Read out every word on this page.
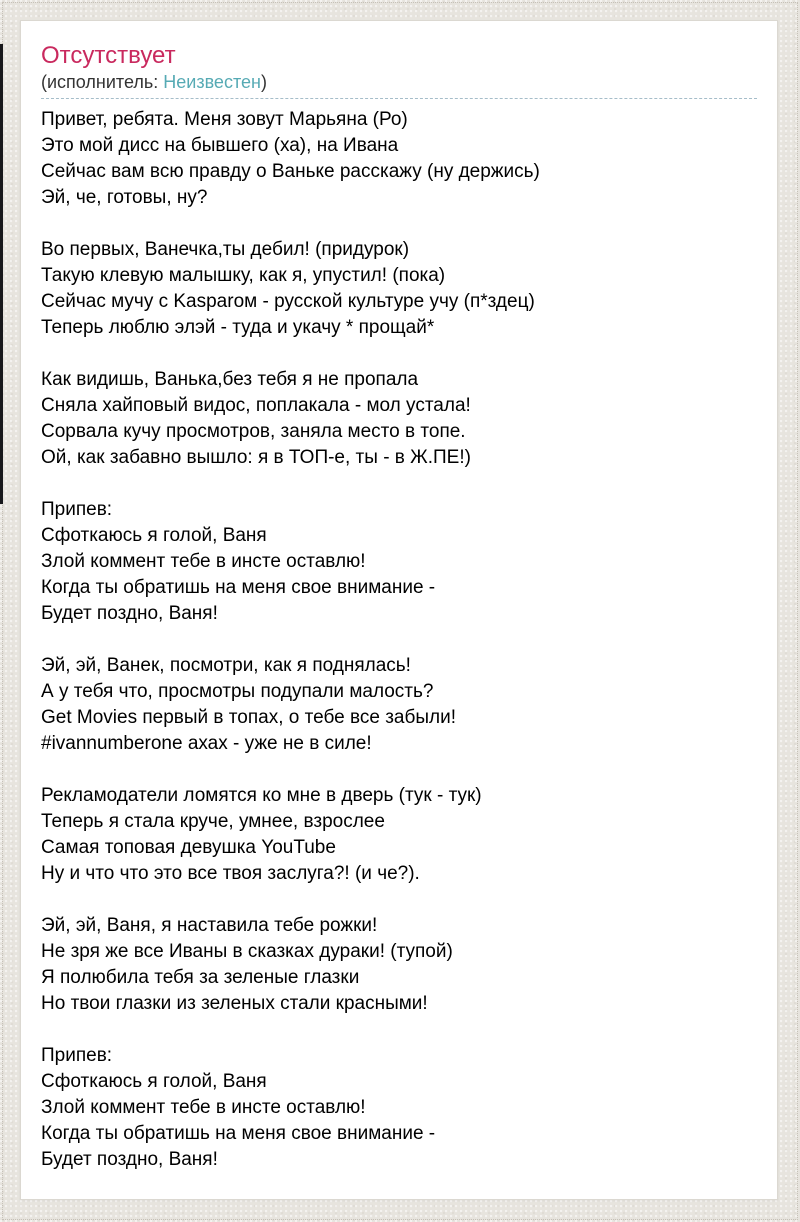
Отсутствует
(исполнитель: Неизвестен)
Привет, ребята. Меня зовут Марьяна (Ро)
Это мой дисс на бывшего (ха), на Ивана
Сейчас вам всю правду о Ваньке расскажу (ну держись)
Эй, че, готовы, ну?
Во первых, Ванечка,ты дебил! (придурок)
Такую клевую малышку, как я, упустил! (пока)
Сейчас мучу с Kasparом - русской культуре учу (п*здец)
Теперь люблю элэй - туда и укачу * прощай*
Как видишь, Ванька,без тебя я не пропала
Сняла хайповый видос, поплакала - мол устала!
Сорвала кучу просмотров, заняла место в топе.
Ой, как забавно вышло: я в ТОП-е, ты - в Ж.ПЕ!)
Припев:
Сфоткаюсь я голой, Ваня
Злой коммент тебе в инсте оставлю!
Когда ты обратишь на меня свое внимание -
Будет поздно, Ваня!
Эй, эй, Ванек, посмотри, как я поднялась!
А у тебя что, просмотры подупали малость?
Get Movies первый в топах, о тебе все забыли!
#ivannumberone ахах - уже не в силе!
Рекламодатели ломятся ко мне в дверь (тук - тук)
Теперь я стала круче, умнее, взрослее
Самая топовая девушка YouTube
Ну и что что это все твоя заслуга?! (и че?).
Эй, эй, Ваня, я наставила тебе рожки!
Не зря же все Иваны в сказках дураки! (тупой)
Я полюбила тебя за зеленые глазки
Но твои глазки из зеленых стали красными!
Припев:
Сфоткаюсь я голой, Ваня
Злой коммент тебе в инсте оставлю!
Когда ты обратишь на меня свое внимание -
Будет поздно, Ваня!
